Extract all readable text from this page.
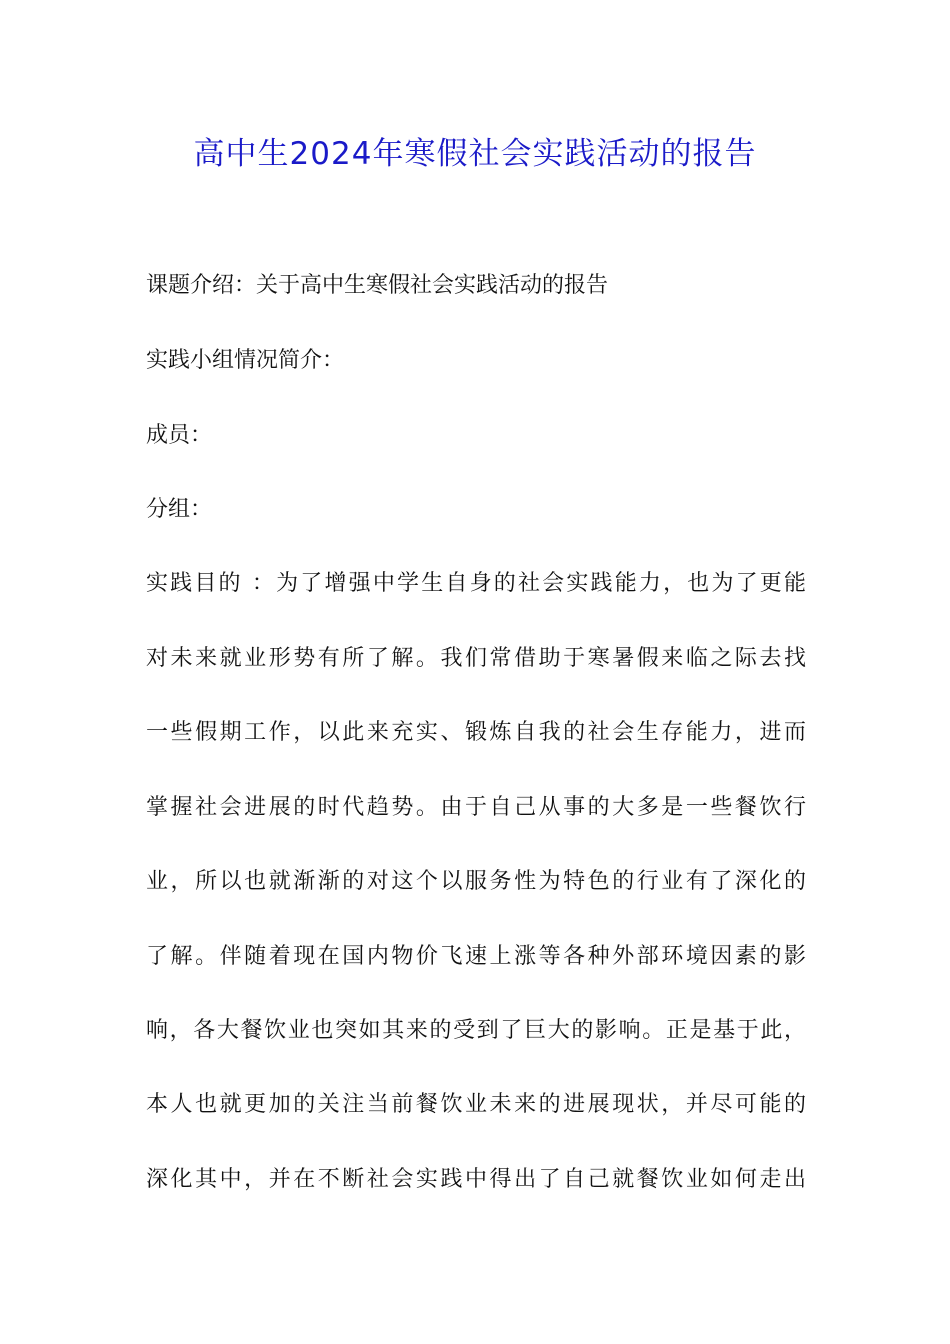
高中生2024年寒假社会实践活动的报告
课题介绍：关于高中生寒假社会实践活动的报告
实践小组情况简介：
成员：
分组：
实践目的 ：为了增强中学生自身的社会实践能力，也为了更能
对未来就业形势有所了解。我们常借助于寒暑假来临之际去找
一些假期工作，以此来充实、锻炼自我的社会生存能力，进而
掌握社会进展的时代趋势。由于自己从事的大多是一些餐饮行
业，所以也就渐渐的对这个以服务性为特色的行业有了深化的
了解。伴随着现在国内物价飞速上涨等各种外部环境因素的影
响，各大餐饮业也突如其来的受到了巨大的影响。正是基于此，
本人也就更加的关注当前餐饮业未来的进展现状，并尽可能的
深化其中，并在不断社会实践中得出了自己就餐饮业如何走出
